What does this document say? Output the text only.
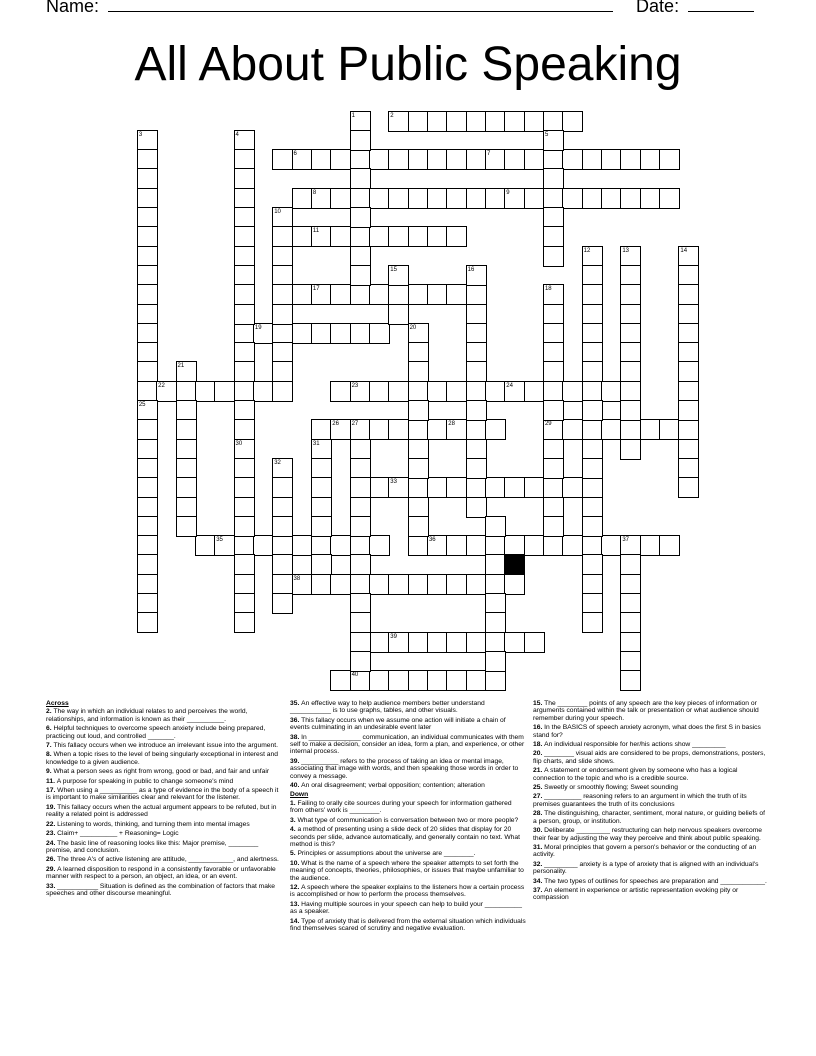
Name:	Date:
All About Public Speaking
2
6	7
8	9
11
17
19
22	23	24
26 27	28	29
33
35	36	37
38
39
40
1
3
25
4
30
5
10
12	13	14
15	16
18
20
21
31
32
Across
2. The way in which an individual relates to and perceives the world, relationships, and information is known as their __________.
6. Helpful techniques to overcome speech anxiety include being prepared, practicing out loud, and controlled _______.
7. This fallacy occurs when we introduce an irrelevant issue into the argument.
8. When a topic rises to the level of being singularly exceptional in interest and knowledge to a given audience.
9. What a person sees as right from wrong, good or bad, and fair and unfair
11. A purpose for speaking in public to change someone's mind
17. When using a __________ as a type of evidence in the body of a speech it is important to make similarities clear and relevant for the listener.
19. This fallacy occurs when the actual argument appears to be refuted, but in reality a related point is addressed
22. Listening to words, thinking, and turning them into mental images
23. Claim+ __________ + Reasoning= Logic
24. The basic line of reasoning looks like this: Major premise, ________ premise, and conclusion.
26. The three A's of active listening are attitude, ____________, and alertness.
29. A learned disposition to respond in a consistently favorable or unfavorable manner with respect to a person, an object, an idea, or an event.
33. ___________ Situation is defined as the combination of factors that make speeches and other discourse meaningful.
35. An effective way to help audience members better understand ___________ is to use graphs, tables, and other visuals.
36. This fallacy occurs when we assume one action will initiate a chain of events culminating in an undesirable event later
38. In ______________ communication, an individual communicates with them self to make a decision, consider an idea, form a plan, and experience, or other internal process.
39. __________ refers to the process of taking an idea or mental image, associating that image with words, and then speaking those words in order to convey a message.
40. An oral disagreement; verbal opposition; contention; alteration
Down
1. Failing to orally cite sources during your speech for information gathered from others' work is ________.
3. What type of communication is conversation between two or more people?
4. a method of presenting using a slide deck of 20 slides that display for 20 seconds per slide, advance automatically, and generally contain no text. What method is this?
5. Principles or assumptions about the universe are ________.
10. What is the name of a speech where the speaker attempts to set forth the meaning of concepts, theories, philosophies, or issues that maybe unfamiliar to the audience.
12. A speech where the speaker explains to the listeners how a certain process is accomplished or how to perform the process themselves.
13. Having multiple sources in your speech can help to build your __________ as a speaker.
14. Type of anxiety that is delivered from the external situation which individuals find themselves scared of scrutiny and negative evaluation.
15. The ________ points of any speech are the key pieces of information or arguments contained within the talk or presentation or what audience should remember during your speech.
16. In the BASICS of speech anxiety acronym, what does the first S in basics stand for?
18. An individual responsible for her/his actions show _________
20. ________ visual aids are considered to be props, demonstrations, posters, flip charts, and slide shows.
21. A statement or endorsement given by someone who has a logical connection to the topic and who is a credible source.
25. Sweetly or smoothly flowing; Sweet sounding
27. __________ reasoning refers to an argument in which the truth of its premises guarantees the truth of its conclusions
28. The distinguishing, character, sentiment, moral nature, or guiding beliefs of a person, group, or institution.
30. Deliberate _________ restructuring can help nervous speakers overcome their fear by adjusting the way they perceive and think about public speaking.
31. Moral principles that govern a person's behavior or the conducting of an activity.
32. _________ anxiety is a type of anxiety that is aligned with an individual's personality.
34. The two types of outlines for speeches are preparation and ____________.
37. An element in experience or artistic representation evoking pity or compassion
